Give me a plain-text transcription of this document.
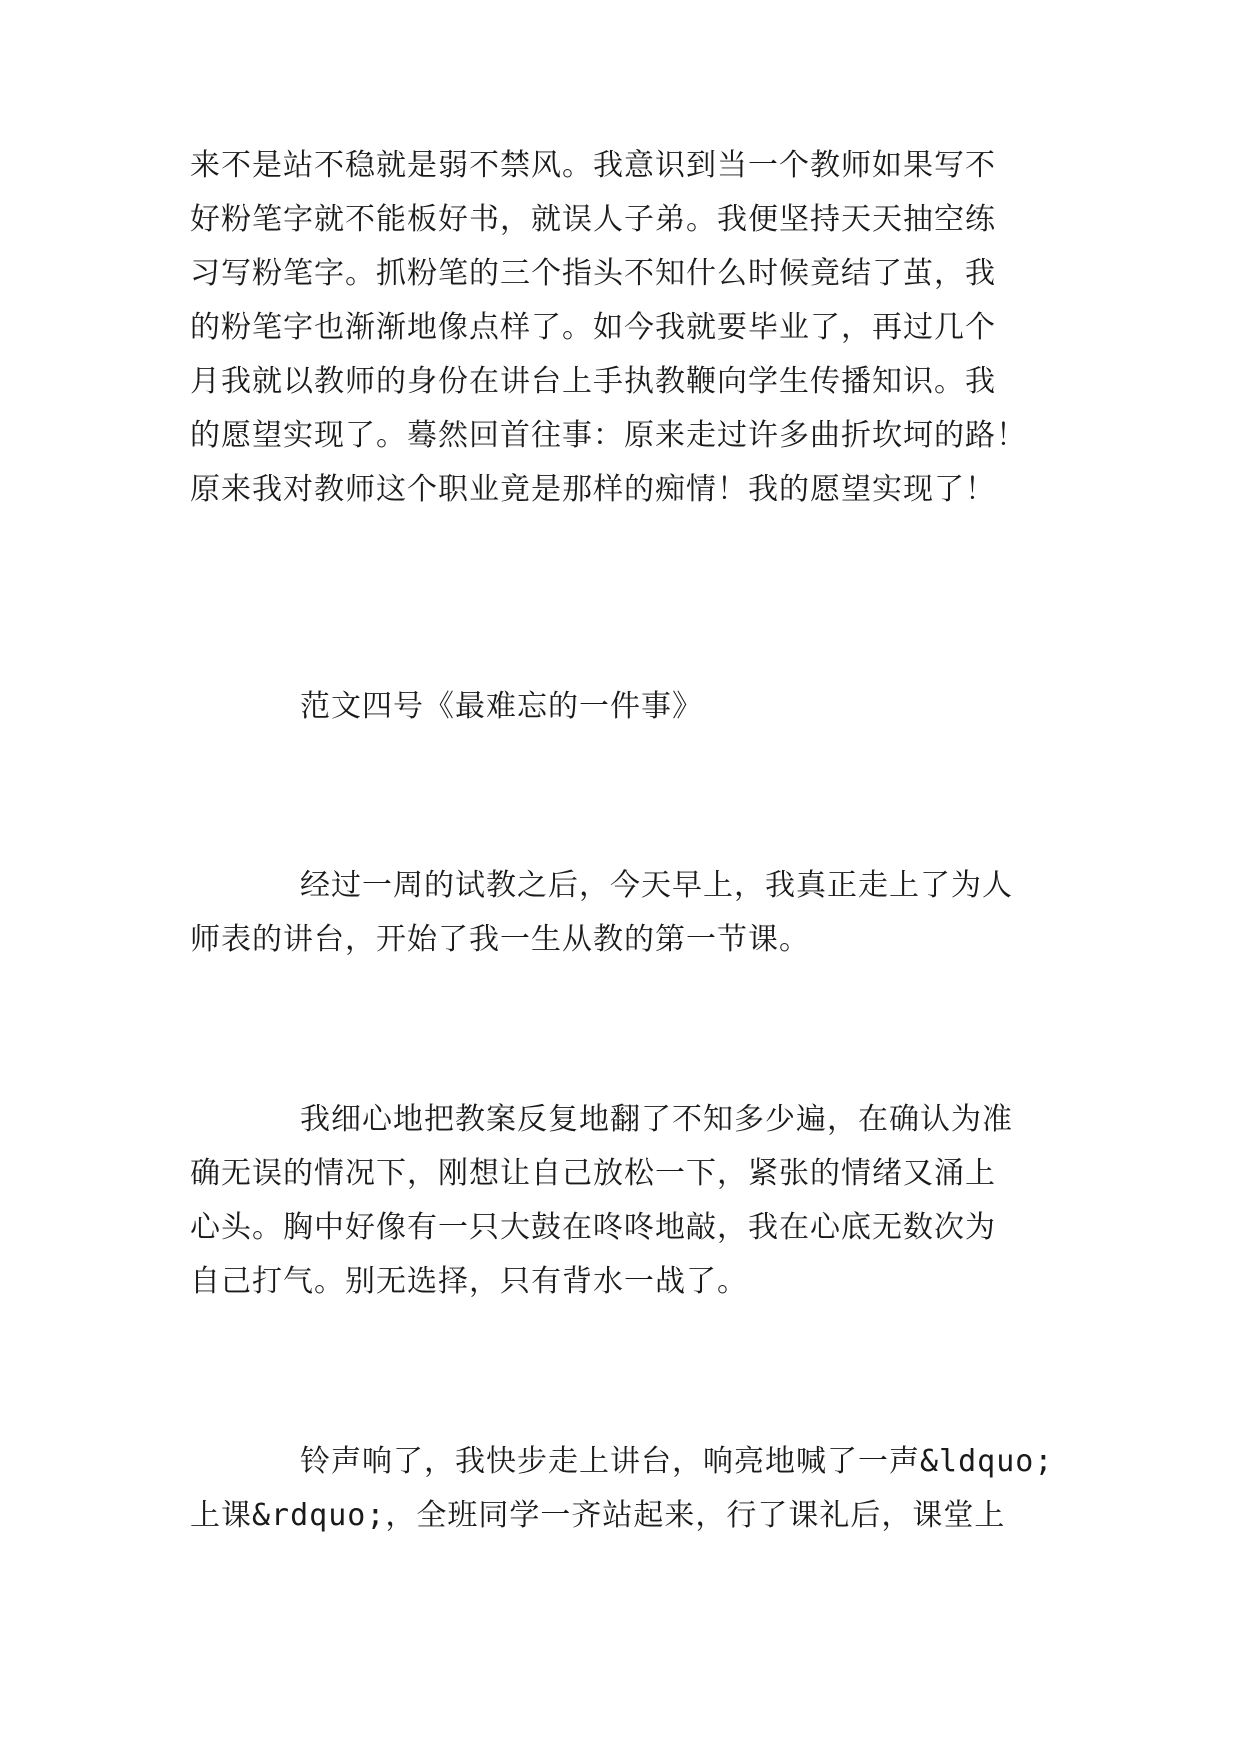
来不是站不稳就是弱不禁风。我意识到当一个教师如果写不
好粉笔字就不能板好书，就误人子弟。我便坚持天天抽空练
习写粉笔字。抓粉笔的三个指头不知什么时候竟结了茧，我
的粉笔字也渐渐地像点样了。如今我就要毕业了，再过几个
月我就以教师的身份在讲台上手执教鞭向学生传播知识。我
的愿望实现了。蓦然回首往事：原来走过许多曲折坎坷的路！
原来我对教师这个职业竟是那样的痴情！我的愿望实现了！
范文四号《最难忘的一件事》
经过一周的试教之后，今天早上，我真正走上了为人
师表的讲台，开始了我一生从教的第一节课。
我细心地把教案反复地翻了不知多少遍，在确认为准
确无误的情况下，刚想让自己放松一下，紧张的情绪又涌上
心头。胸中好像有一只大鼓在咚咚地敲，我在心底无数次为
自己打气。别无选择，只有背水一战了。
铃声响了，我快步走上讲台，响亮地喊了一声&ldquo;
上课&rdquo;，全班同学一齐站起来，行了课礼后，课堂上
